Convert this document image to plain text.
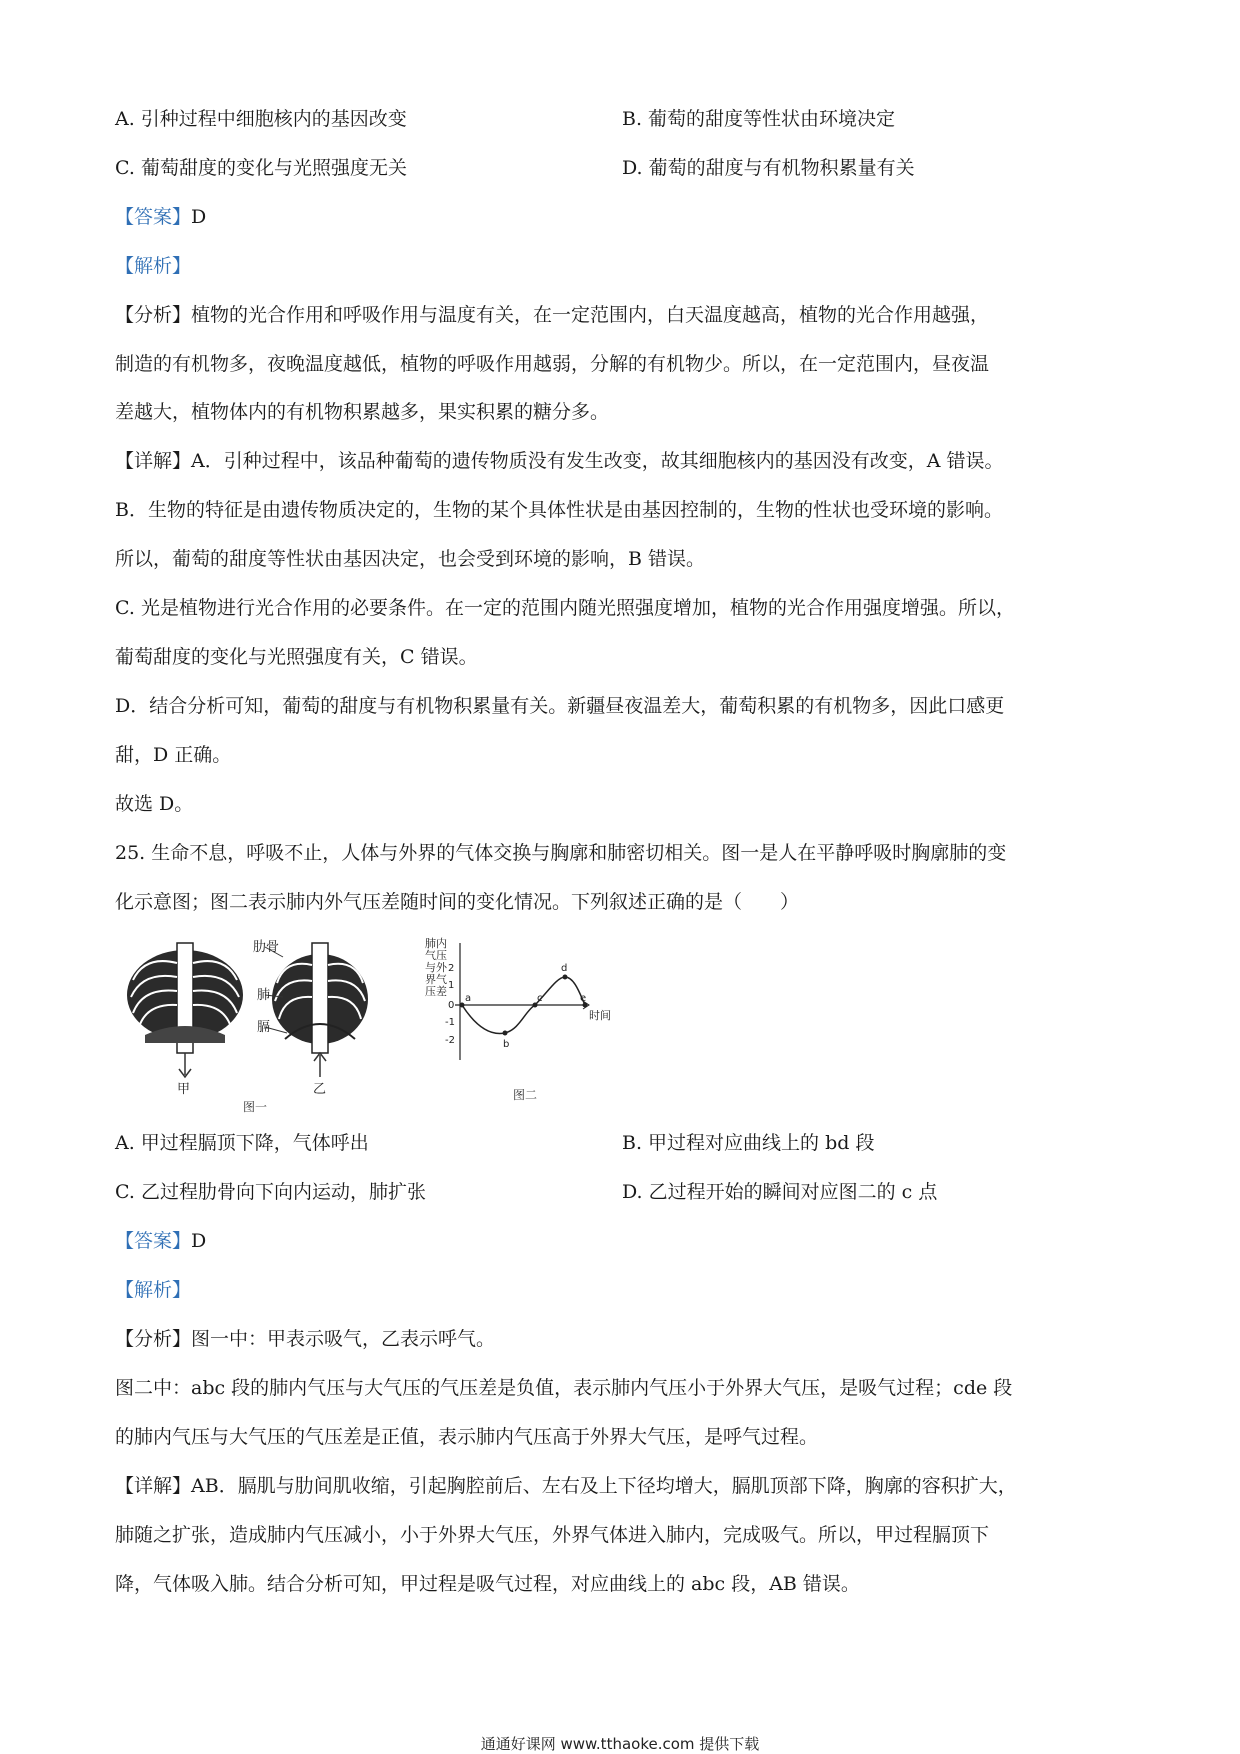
A. 引种过程中细胞核内的基因改变	B. 葡萄的甜度等性状由环境决定
C. 葡萄甜度的变化与光照强度无关	D. 葡萄的甜度与有机物积累量有关
【答案】D
【解析】
【分析】植物的光合作用和呼吸作用与温度有关，在一定范围内，白天温度越高，植物的光合作用越强，
制造的有机物多，夜晚温度越低，植物的呼吸作用越弱，分解的有机物少。所以，在一定范围内，昼夜温
差越大，植物体内的有机物积累越多，果实积累的糖分多。
【详解】A．引种过程中，该品种葡萄的遗传物质没有发生改变，故其细胞核内的基因没有改变，A 错误。
B．生物的特征是由遗传物质决定的，生物的某个具体性状是由基因控制的，生物的性状也受环境的影响。
所以，葡萄的甜度等性状由基因决定，也会受到环境的影响，B 错误。
C. 光是植物进行光合作用的必要条件。在一定的范围内随光照强度增加，植物的光合作用强度增强。所以，
葡萄甜度的变化与光照强度有关，C 错误。
D．结合分析可知，葡萄的甜度与有机物积累量有关。新疆昼夜温差大，葡萄积累的有机物多，因此口感更
甜，D 正确。
故选 D。
25. 生命不息，呼吸不止，人体与外界的气体交换与胸廓和肺密切相关。图一是人在平静呼吸时胸廓肺的变
化示意图；图二表示肺内外气压差随时间的变化情况。下列叙述正确的是（　　）
肋骨
肺
膈
甲	乙
图一
肺内
气压
与外
界气
压差
时间
2
1
0
-1
-2
a
b
c
d
e
图二
A. 甲过程膈顶下降，气体呼出	B. 甲过程对应曲线上的 bd 段
C. 乙过程肋骨向下向内运动，肺扩张	D. 乙过程开始的瞬间对应图二的 c 点
【答案】D
【解析】
【分析】图一中：甲表示吸气，乙表示呼气。
图二中：abc 段的肺内气压与大气压的气压差是负值，表示肺内气压小于外界大气压，是吸气过程；cde 段
的肺内气压与大气压的气压差是正值，表示肺内气压高于外界大气压，是呼气过程。
【详解】AB．膈肌与肋间肌收缩，引起胸腔前后、左右及上下径均增大，膈肌顶部下降，胸廓的容积扩大，
肺随之扩张，造成肺内气压减小，小于外界大气压，外界气体进入肺内，完成吸气。所以，甲过程膈顶下
降，气体吸入肺。结合分析可知，甲过程是吸气过程，对应曲线上的 abc 段，AB 错误。
通通好课网 www.tthaoke.com 提供下载
